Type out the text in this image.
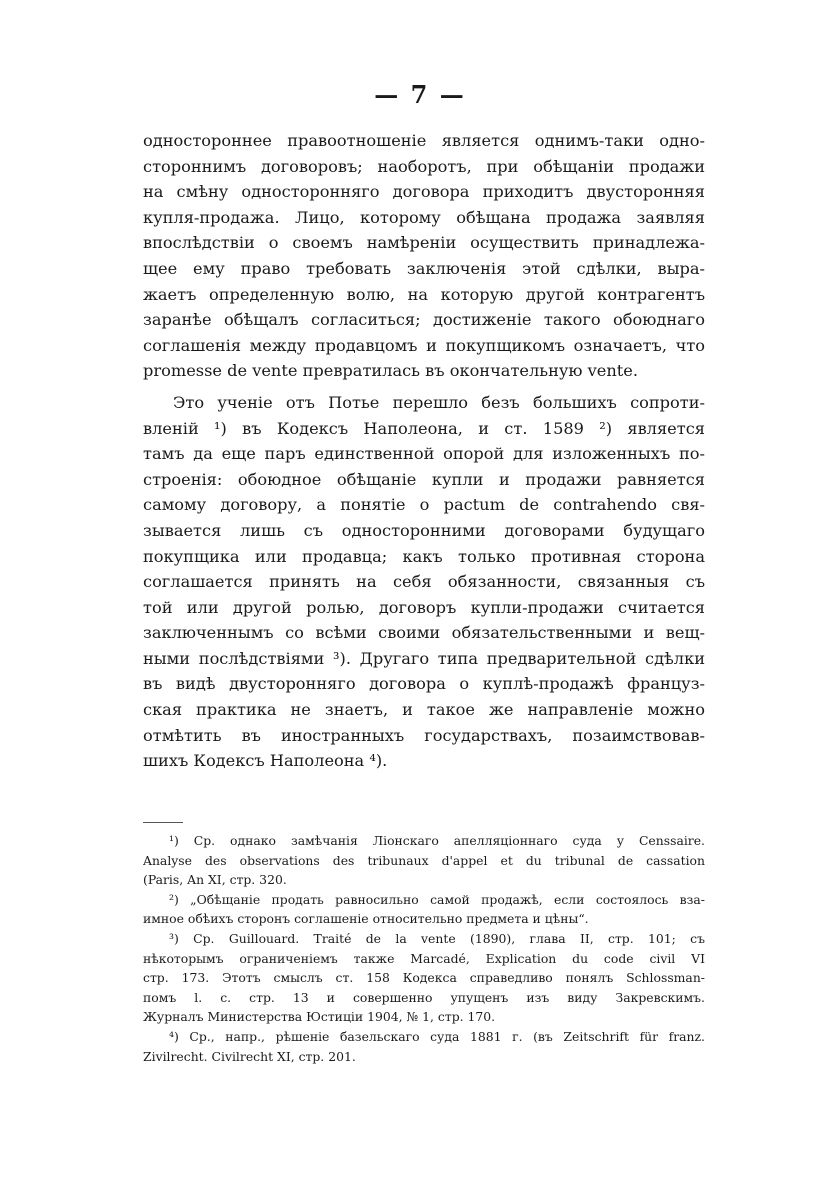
— 7 —
одностороннее правоотношеніе является однимъ-таки одно-
стороннимъ договоровъ; наоборотъ, при обѣщаніи продажи
на смѣну односторонняго договора приходитъ двусторонняя
купля-продажа. Лицо, которому обѣщана продажа заявляя
впослѣдствіи о своемъ намѣреніи осуществить принадлежа-
щее ему право требовать заключенія этой сдѣлки, выра-
жаетъ определенную волю, на которую другой контрагентъ
заранѣе обѣщалъ согласиться; достиженіе такого обоюднаго
соглашенія между продавцомъ и покупщикомъ означаетъ, что
promesse de vente превратилась въ окончательную vente.
Это ученіе отъ Потье перешло безъ большихъ сопроти-
вленій ¹) въ Кодексъ Наполеона, и ст. 1589 ²) является
тамъ да еще паръ единственной опорой для изложенныхъ по-
строенія: обоюдное обѣщаніе купли и продажи равняется
самому договору, а понятіе о pactum de contrahendo свя-
зывается лишь съ односторонними договорами будущаго
покупщика или продавца; какъ только противная сторона
соглашается принять на себя обязанности, связанныя съ
той или другой ролью, договоръ купли-продажи считается
заключеннымъ со всѣми своими обязательственными и вещ-
ными послѣдствіями ³). Другаго типа предварительной сдѣлки
въ видѣ двусторонняго договора о куплѣ-продажѣ француз-
ская практика не знаетъ, и такое же направленіе можно
отмѣтить въ иностранныхъ государствахъ, позаимствовав-
шихъ Кодексъ Наполеона ⁴).
¹) Ср. однако замѣчанія Ліонскаго апелляціоннаго суда у Censsaire.
Analyse des observations des tribunaux d'appel et du tribunal de cassation
(Paris, An XI, стр. 320.
²) „Обѣщаніе продать равносильно самой продажѣ, если состоялось вза-
имное обѣихъ сторонъ соглашеніе относительно предмета и цѣны“.
³) Ср. Guillouard. Traité de la vente (1890), глава II, стр. 101; съ
нѣкоторымъ ограниченіемъ также Marcadé, Explication du code civil VI
стр. 173. Этотъ смыслъ ст. 158 Кодекса справедливо понялъ Schlossman-
помъ l. c. стр. 13 и совершенно упущенъ изъ виду Закревскимъ.
Журналъ Министерства Юстиціи 1904, № 1, стр. 170.
⁴) Ср., напр., рѣшеніе базельскаго суда 1881 г. (въ Zeitschrift für franz.
Zivilrecht. Civilrecht XI, стр. 201.
